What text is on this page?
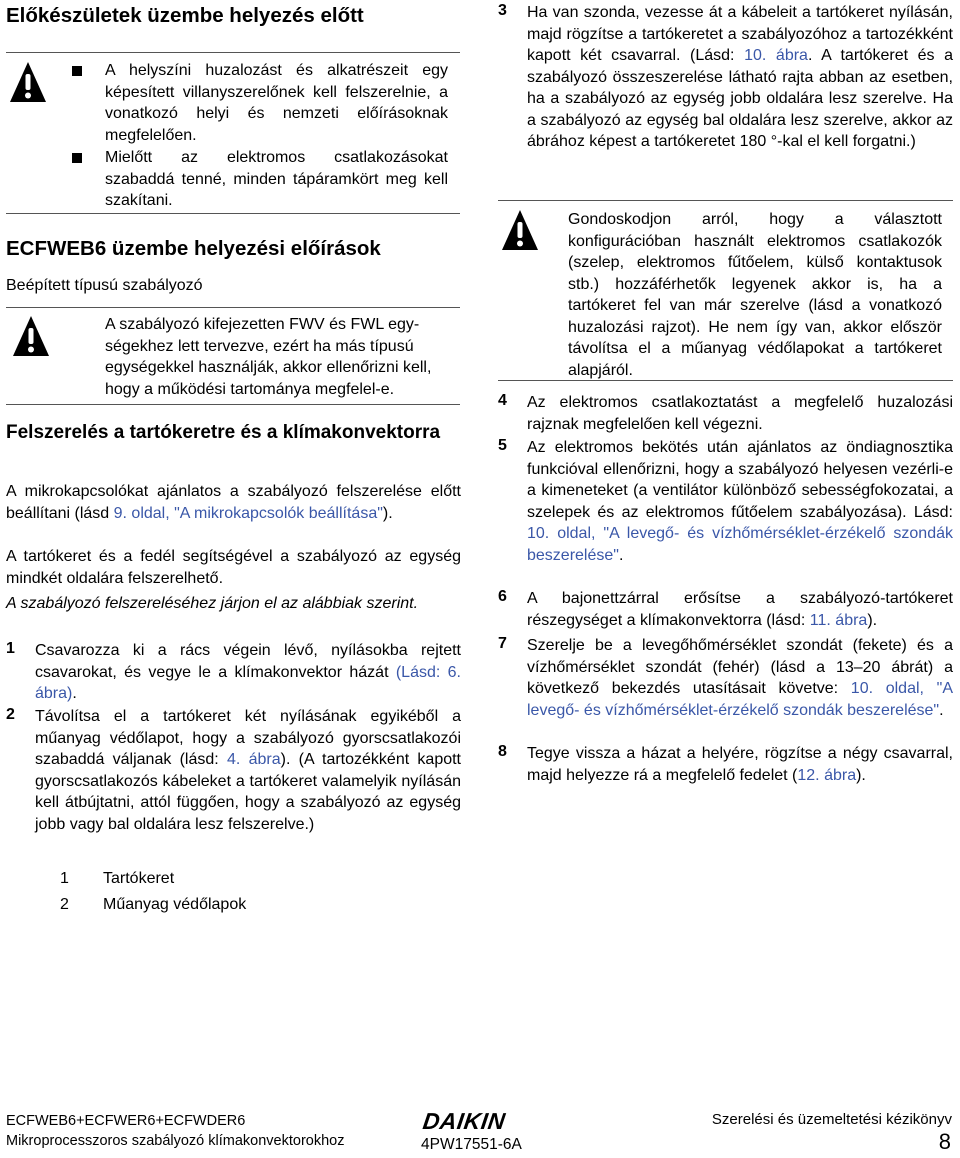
Előkészületek üzembe helyezés előtt
A helyszíni huzalozást és alkatrészeit egy képesített villanyszerelőnek kell felszerelnie, a vonatkozó helyi és nemzeti előírásoknak megfelelően.
Mielőtt az elektromos csatlakozásokat szabaddá tenné, minden tápáramkört meg kell szakítani.
ECFWEB6 üzembe helyezési előírások
Beépített típusú szabályozó
A szabályozó kifejezetten FWV és FWL egy-ségekhez lett tervezve, ezért ha más típusú egységekkel használják, akkor ellenőrizni kell, hogy a működési tartománya megfelel-e.
Felszerelés a tartókeretre és a klímakonvektorra
A mikrokapcsolókat ajánlatos a szabályozó felszerelése előtt beállítani (lásd 9. oldal, "A mikrokapcsolók beállítása").
A tartókeret és a fedél segítségével a szabályozó az egység mindkét oldalára felszerelhető.
A szabályozó felszereléséhez járjon el az alábbiak szerint.
1 Csavarozza ki a rács végein lévő, nyílásokba rejtett csavarokat, és vegye le a klímakonvektor házát (Lásd: 6. ábra).
2 Távolítsa el a tartókeret két nyílásának egyikéből a műanyag védőlapot, hogy a szabályozó gyorscsatlakozói szabaddá váljanak (lásd: 4. ábra). (A tartozékként kapott gyorscsatlakozós kábeleket a tartókeret valamelyik nyílásán kell átbújtatni, attól függően, hogy a szabályozó az egység jobb vagy bal oldalára lesz felszerelve.)
1 Tartókeret
2 Műanyag védőlapok
3 Ha van szonda, vezesse át a kábeleit a tartókeret nyílásán, majd rögzítse a tartókeretet a szabályozóhoz a tartozékként kapott két csavarral. (Lásd: 10. ábra. A tartókeret és a szabályozó összeszerelése látható rajta abban az esetben, ha a szabályozó az egység jobb oldalára lesz szerelve. Ha a szabályozó az egység bal oldalára lesz szerelve, akkor az ábrához képest a tartókeretet 180 °-kal el kell forgatni.)
Gondoskodjon arról, hogy a választott konfigurációban használt elektromos csatlakozók (szelep, elektromos fűtőelem, külső kontaktusok stb.) hozzáférhetők legyenek akkor is, ha a tartókeret fel van már szerelve (lásd a vonatkozó huzalozási rajzot). He nem így van, akkor először távolítsa el a műanyag védőlapokat a tartókeret alapjáról.
4 Az elektromos csatlakoztatást a megfelelő huzalozási rajznak megfelelően kell végezni.
5 Az elektromos bekötés után ajánlatos az öndiagnosztika funkcióval ellenőrizni, hogy a szabályozó helyesen vezérli-e a kimeneteket (a ventilátor különböző sebességfokozatai, a szelepek és az elektromos fűtőelem szabályozása). Lásd: 10. oldal, "A levegő- és vízhőmérséklet-érzékelő szondák beszerelése".
6 A bajonettzárral erősítse a szabályozó-tartókeret részegységet a klímakonvektorra (lásd: 11. ábra).
7 Szerelje be a levegőhőmérséklet szondát (fekete) és a vízhőmérséklet szondát (fehér) (lásd a 13–20 ábrát) a következő bekezdés utasításait követve: 10. oldal, "A levegő- és vízhőmérséklet-érzékelő szondák beszerelése".
8 Tegye vissza a házat a helyére, rögzítse a négy csavarral, majd helyezze rá a megfelelő fedelet (12. ábra).
ECFWEB6+ECFWER6+ECFWDER6
Mikroprocesszoros szabályozó klímakonvektorokhoz
DAIKIN
4PW17551-6A
Szerelési és üzemeltetési kézikönyv
8
